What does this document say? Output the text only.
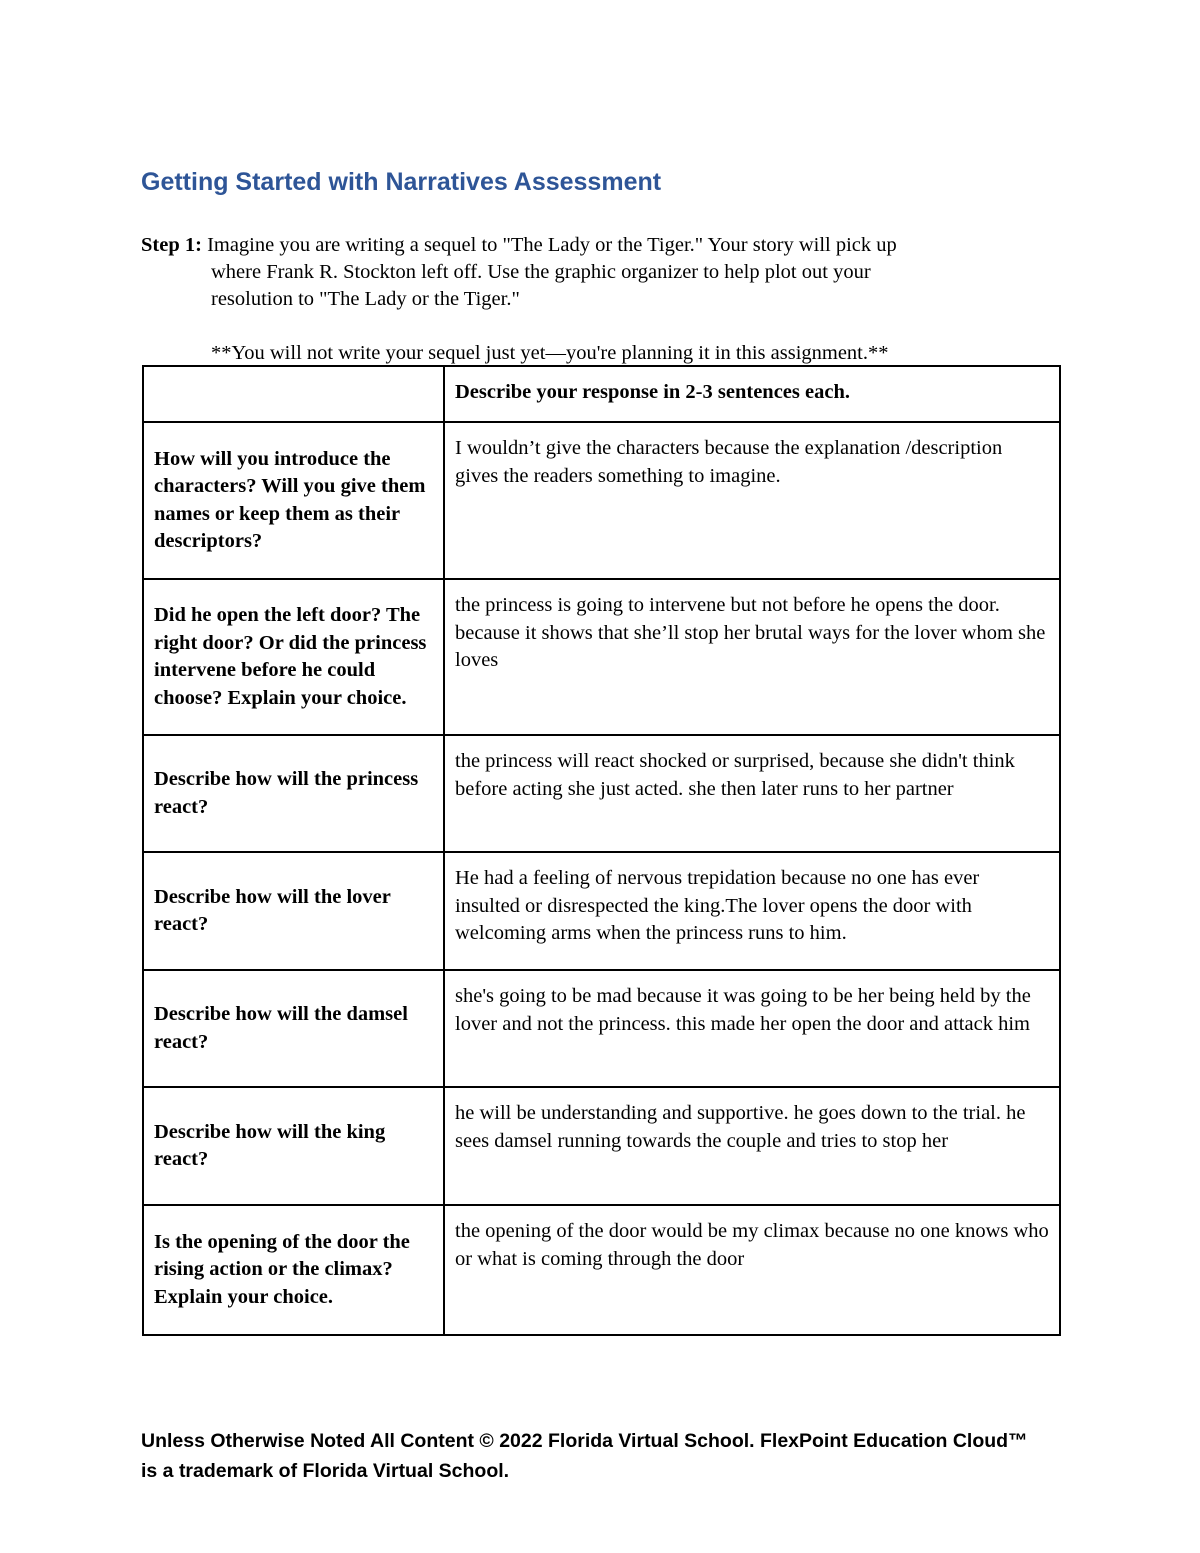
Getting Started with Narratives Assessment
Step 1: Imagine you are writing a sequel to "The Lady or the Tiger." Your story will pick up
where Frank R. Stockton left off. Use the graphic organizer to help plot out your
resolution to "The Lady or the Tiger."
**You will not write your sequel just yet—you're planning it in this assignment.**
	Describe your response in 2-3 sentences each.
How will you introduce the characters? Will you give them names or keep them as their descriptors?	I wouldn’t give the characters because the explanation /description gives the readers something to imagine.
Did he open the left door? The right door? Or did the princess intervene before he could choose? Explain your choice.	the princess is going to intervene but not before he opens the door. because it shows that she’ll stop her brutal ways for the lover whom she loves
Describe how will the princess react?	the princess will react shocked or surprised, because she didn't think before acting she just acted. she then later runs to her partner
Describe how will the lover react?	He had a feeling of nervous trepidation because no one has ever insulted or disrespected the king.The lover opens the door with welcoming arms when the princess runs to him.
Describe how will the damsel react?	she's going to be mad because it was going to be her being held by the lover and not the princess. this made her open the door and attack him
Describe how will the king react?	he will be understanding and supportive. he goes down to the trial. he sees damsel running towards the couple and tries to stop her
Is the opening of the door the rising action or the climax? Explain your choice.	the opening of the door would be my climax because no one knows who or what is coming through the door
Unless Otherwise Noted All Content © 2022 Florida Virtual School. FlexPoint Education Cloud™
is a trademark of Florida Virtual School.
